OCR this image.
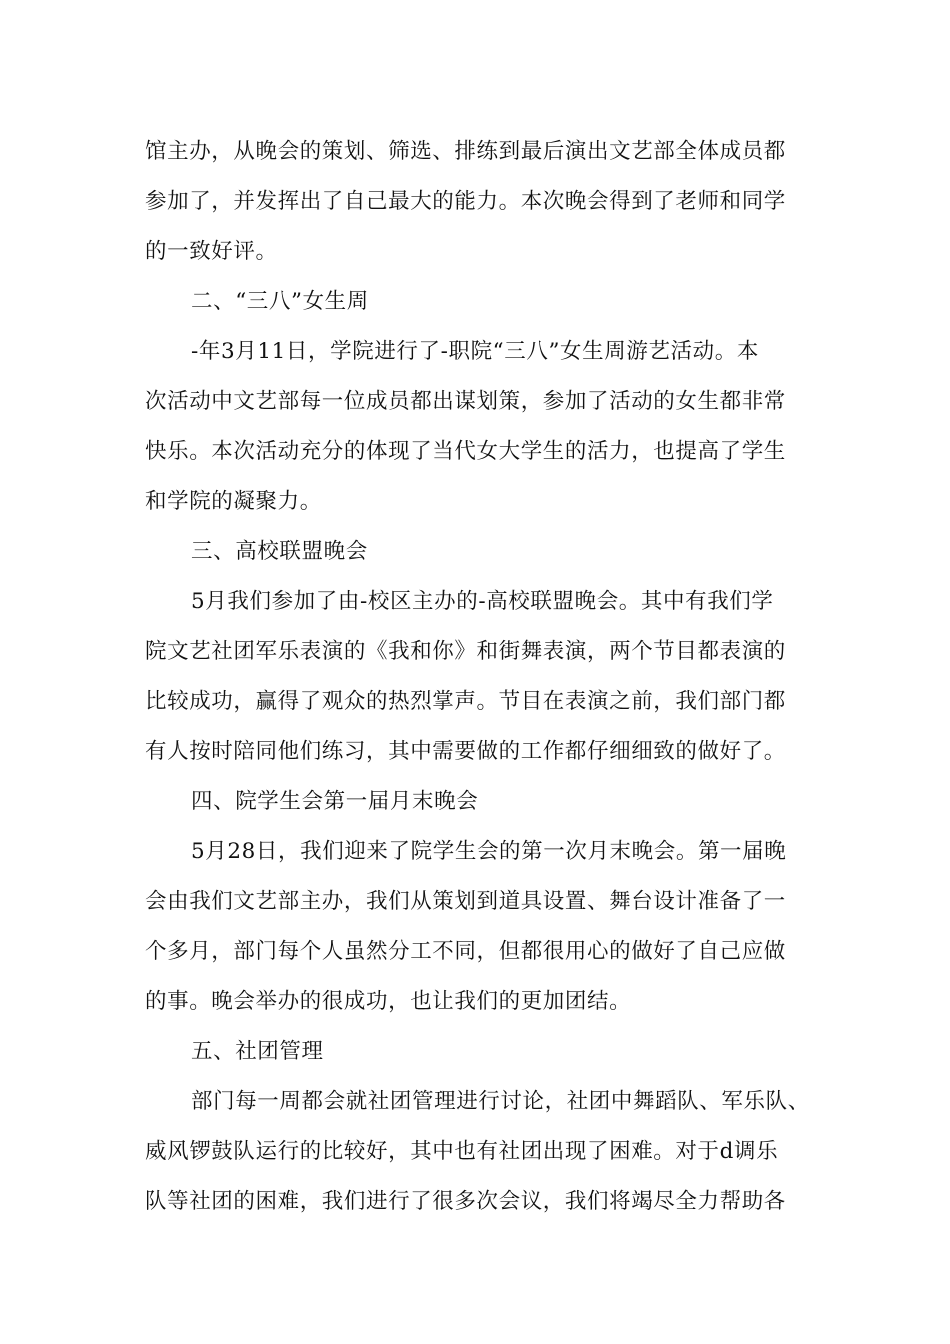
馆主办，从晚会的策划、筛选、排练到最后演出文艺部全体成员都
参加了，并发挥出了自己最大的能力。本次晚会得到了老师和同学
的一致好评。
二、“三八”女生周
-年3月11日，学院进行了-职院“三八”女生周游艺活动。本
次活动中文艺部每一位成员都出谋划策，参加了活动的女生都非常
快乐。本次活动充分的体现了当代女大学生的活力，也提高了学生
和学院的凝聚力。
三、高校联盟晚会
5月我们参加了由-校区主办的-高校联盟晚会。其中有我们学
院文艺社团军乐表演的《我和你》和街舞表演，两个节目都表演的
比较成功，赢得了观众的热烈掌声。节目在表演之前，我们部门都
有人按时陪同他们练习，其中需要做的工作都仔细细致的做好了。
四、院学生会第一届月末晚会
5月28日，我们迎来了院学生会的第一次月末晚会。第一届晚
会由我们文艺部主办，我们从策划到道具设置、舞台设计准备了一
个多月，部门每个人虽然分工不同，但都很用心的做好了自己应做
的事。晚会举办的很成功，也让我们的更加团结。
五、社团管理
部门每一周都会就社团管理进行讨论，社团中舞蹈队、军乐队、
威风锣鼓队运行的比较好，其中也有社团出现了困难。对于d调乐
队等社团的困难，我们进行了很多次会议，我们将竭尽全力帮助各
